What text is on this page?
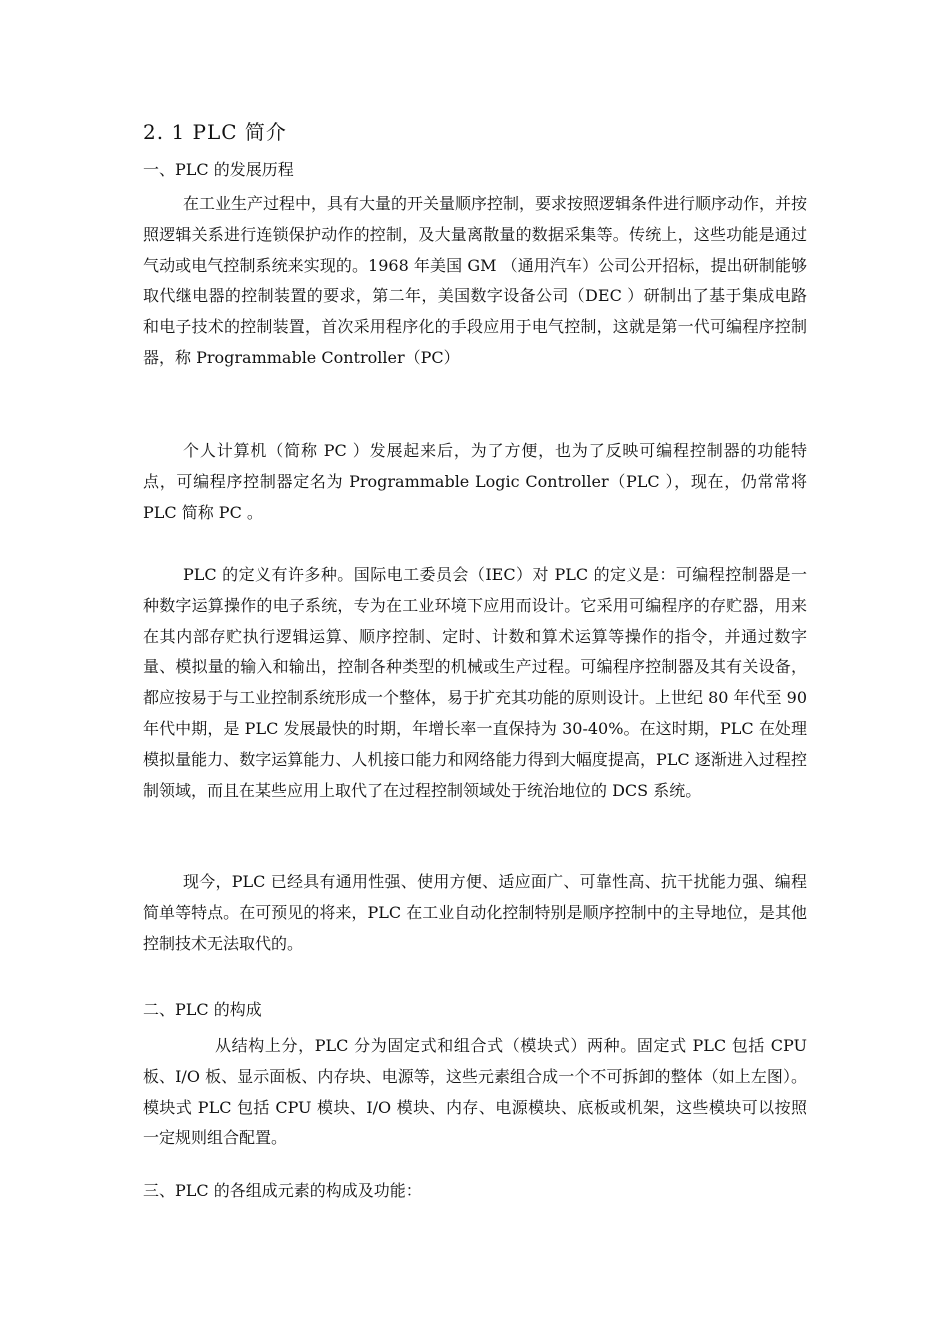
2. 1 PLC 简介
一、PLC 的发展历程

在工业生产过程中，具有大量的开关量顺序控制，要求按照逻辑条件进行顺序动作，并按照逻辑关系进行连锁保护动作的控制，及大量离散量的数据采集等。传统上，这些功能是通过气动或电气控制系统来实现的。1968 年美国 GM （通用汽车）公司公开招标，提出研制能够取代继电器的控制装置的要求，第二年，美国数字设备公司（DEC ）研制出了基于集成电路和电子技术的控制装置，首次采用程序化的手段应用于电气控制，这就是第一代可编程序控制器，称 Programmable Controller（PC）

个人计算机（简称 PC ）发展起来后，为了方便，也为了反映可编程控制器的功能特点，可编程序控制器定名为 Programmable Logic Controller（PLC ），现在，仍常常将 PLC 简称 PC 。

PLC 的定义有许多种。国际电工委员会（IEC）对 PLC 的定义是：可编程控制器是一种数字运算操作的电子系统，专为在工业环境下应用而设计。它采用可编程序的存贮器，用来在其内部存贮执行逻辑运算、顺序控制、定时、计数和算术运算等操作的指令，并通过数字量、模拟量的输入和输出，控制各种类型的机械或生产过程。可编程序控制器及其有关设备，都应按易于与工业控制系统形成一个整体，易于扩充其功能的原则设计。上世纪 80 年代至 90 年代中期，是 PLC 发展最快的时期，年增长率一直保持为 30-40%。在这时期，PLC 在处理模拟量能力、数字运算能力、人机接口能力和网络能力得到大幅度提高，PLC 逐渐进入过程控制领域，而且在某些应用上取代了在过程控制领域处于统治地位的 DCS 系统。

现今，PLC 已经具有通用性强、使用方便、适应面广、可靠性高、抗干扰能力强、编程简单等特点。在可预见的将来，PLC 在工业自动化控制特别是顺序控制中的主导地位，是其他控制技术无法取代的。

二、PLC 的构成

从结构上分，PLC 分为固定式和组合式（模块式）两种。固定式 PLC 包括 CPU 板、I/O 板、显示面板、内存块、电源等，这些元素组合成一个不可拆卸的整体（如上左图）。模块式 PLC 包括 CPU 模块、I/O 模块、内存、电源模块、底板或机架，这些模块可以按照一定规则组合配置。

三、PLC 的各组成元素的构成及功能：
